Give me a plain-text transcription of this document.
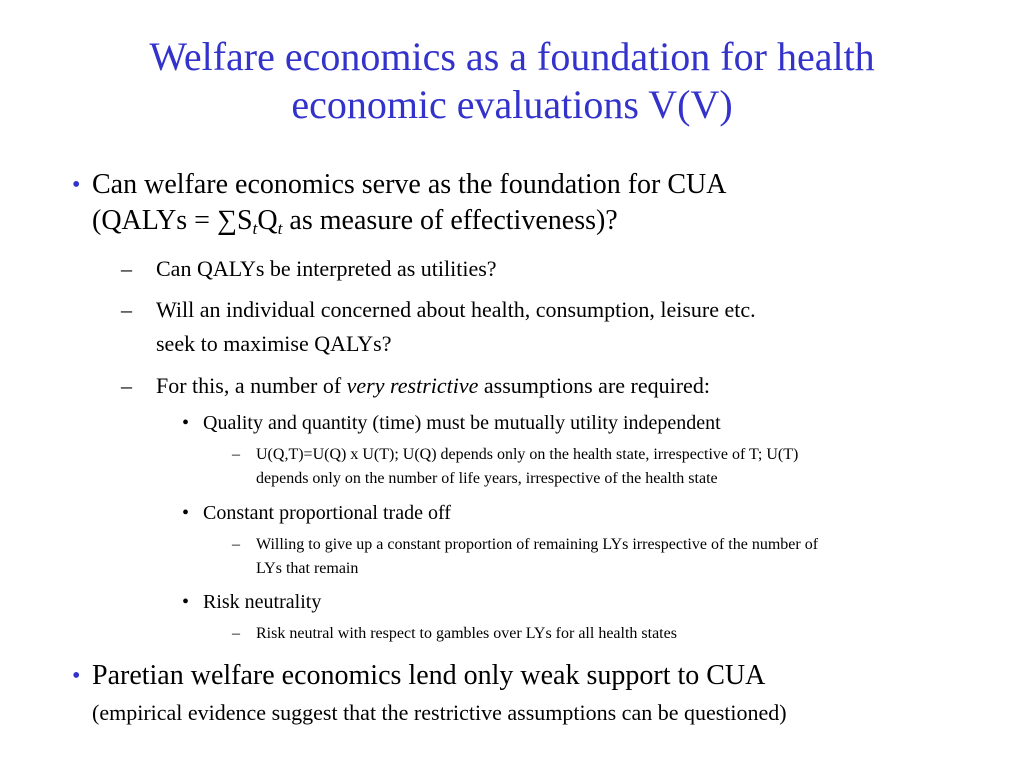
Welfare economics as a foundation for health
economic evaluations V(V)
• Can welfare economics serve as the foundation for CUA
(QALYs = $\sum S_tQ_t$ as measure of effectiveness)?
–	Can QALYs be interpreted as utilities?
–	Will an individual concerned about health, consumption, leisure etc.
seek to maximise QALYs?
–	For this, a number of very restrictive assumptions are required:
• Quality and quantity (time) must be mutually utility independent
–	U(Q,T)=U(Q) x U(T); U(Q) depends only on the health state, irrespective of T; U(T)
depends only on the number of life years, irrespective of the health state
• Constant proportional trade off
–	Willing to give up a constant proportion of remaining LYs irrespective of the number of
LYs that remain
• Risk neutrality
–	Risk neutral with respect to gambles over LYs for all health states
• Paretian welfare economics lend only weak support to CUA
(empirical evidence suggest that the restrictive assumptions can be questioned)
